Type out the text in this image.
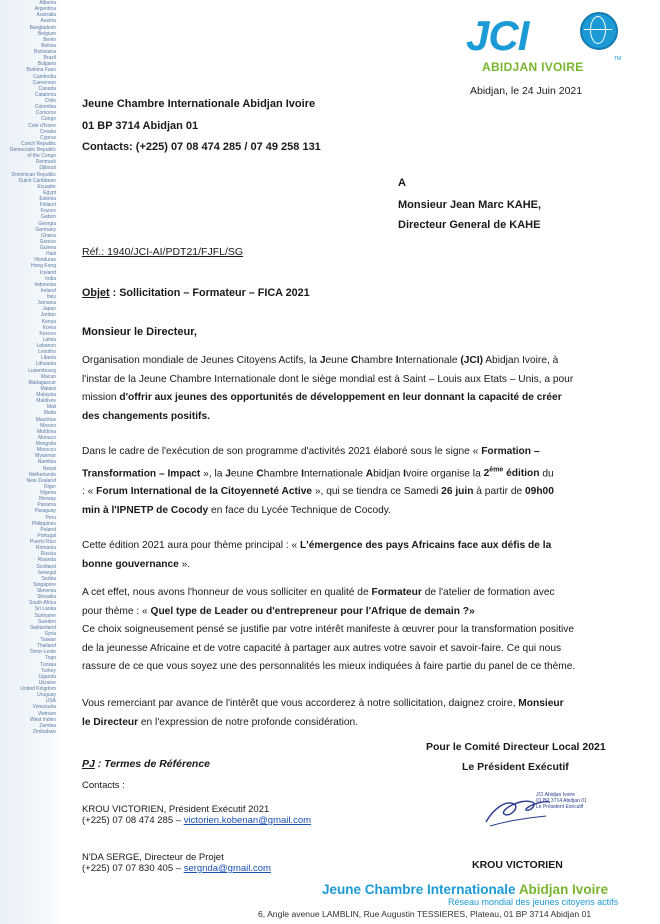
Albania
Argentina
Australia
Austria
Bangladesh
Belgium
Benin
Bolivia
Botswana
Brazil
Bulgaria
Burkina Faso
Cambodia
Cameroon
Canada
Catalonia
Chile
Colombia
Comoros
Congo
Cote d'Ivoire
Croatia
Cyprus
Czech Republic
Democratic Republic
of the Congo
Denmark
Djibouti
Dominican Republic
Dutch Caribbean
Ecuador
Egypt
Estonia
Finland
France
Gabon
Georgia
Germany
Ghana
Greece
Guinea
Haiti
Honduras
Hong Kong
Iceland
India
Indonesia
Ireland
Italy
Jamaica
Japan
Jordan
Kenya
Korea
Kosovo
Latvia
Lebanon
Lesotho
Liberia
Lithuania
Luxembourg
Macao
Madagascar
Malawi
Malaysia
Maldives
Mali
Malta
Mauritius
Mexico
Moldova
Monaco
Mongolia
Morocco
Myanmar
Namibia
Nepal
Netherlands
New Zealand
Niger
Nigeria
Norway
Panama
Paraguay
Peru
Philippines
Poland
Portugal
Puerto Rico
Romania
Russia
Rwanda
Scotland
Senegal
Serbia
Singapore
Slovenia
Slovakia
South Africa
Sri Lanka
Suriname
Sweden
Switzerland
Syria
Taiwan
Thailand
Timor-Leste
Togo
Tunisia
Turkey
Uganda
Ukraine
United Kingdom
Uruguay
USA
Venezuela
Vietnam
West Indies
Zambia
Zimbabwe
JCI	TM
ABIDJAN IVOIRE
Abidjan, le 24 Juin 2021
Jeune Chambre Internationale Abidjan Ivoire
01 BP 3714 Abidjan 01
Contacts: (+225) 07 08 474 285 / 07 49 258 131
A
Monsieur Jean Marc KAHE,
Directeur General de KAHE
Réf.: 1940/JCI-AI/PDT21/FJFL/SG
Objet : Sollicitation – Formateur – FICA 2021
Monsieur le Directeur,
Organisation mondiale de Jeunes Citoyens Actifs, la Jeune Chambre Internationale (JCI) Abidjan Ivoire, à
l'instar de la Jeune Chambre Internationale dont le siège mondial est à Saint – Louis aux Etats – Unis, a pour
mission d'offrir aux jeunes des opportunités de développement en leur donnant la capacité de créer
des changements positifs.
Dans le cadre de l'exécution de son programme d'activités 2021 élaboré sous le signe « Formation –
Transformation – Impact », la Jeune Chambre Internationale Abidjan Ivoire organise la 2ème édition du
: « Forum International de la Citoyenneté Active », qui se tiendra ce Samedi 26 juin à partir de 09h00
min à l'IPNETP de Cocody en face du Lycée Technique de Cocody.
Cette édition 2021 aura pour thème principal : « L'émergence des pays Africains face aux défis de la
bonne gouvernance ».
A cet effet, nous avons l'honneur de vous solliciter en qualité de Formateur de l'atelier de formation avec
pour thème : « Quel type de Leader ou d'entrepreneur pour l'Afrique de demain ?»
Ce choix soigneusement pensé se justifie par votre intérêt manifeste à œuvrer pour la transformation positive
de la jeunesse Africaine et de votre capacité à partager aux autres votre savoir et savoir-faire. Ce qui nous
rassure de ce que vous soyez une des personnalités les mieux indiquées à faire partie du panel de ce thème.
Vous remerciant par avance de l'intérêt que vous accorderez à notre sollicitation, daignez croire, Monsieur
le Directeur en l'expression de notre profonde considération.
Pour le Comité Directeur Local 2021
Le Président Exécutif
PJ : Termes de Référence
Contacts :
KROU VICTORIEN, Président Exécutif 2021
(+225) 07 08 474 285 – victorien.kobenan@gmail.com
N'DA SERGE, Directeur de Projet
(+225) 07 07 830 405 – sergnda@gmail.com
JCI Abidjan Ivoire
01 BP 3714 Abidjan 01
Le Président Exécutif
KROU VICTORIEN
Jeune Chambre Internationale Abidjan Ivoire
Réseau mondial des jeunes citoyens actifs
6, Angle avenue LAMBLIN, Rue Augustin TESSIERES, Plateau, 01 BP 3714 Abidjan 01
